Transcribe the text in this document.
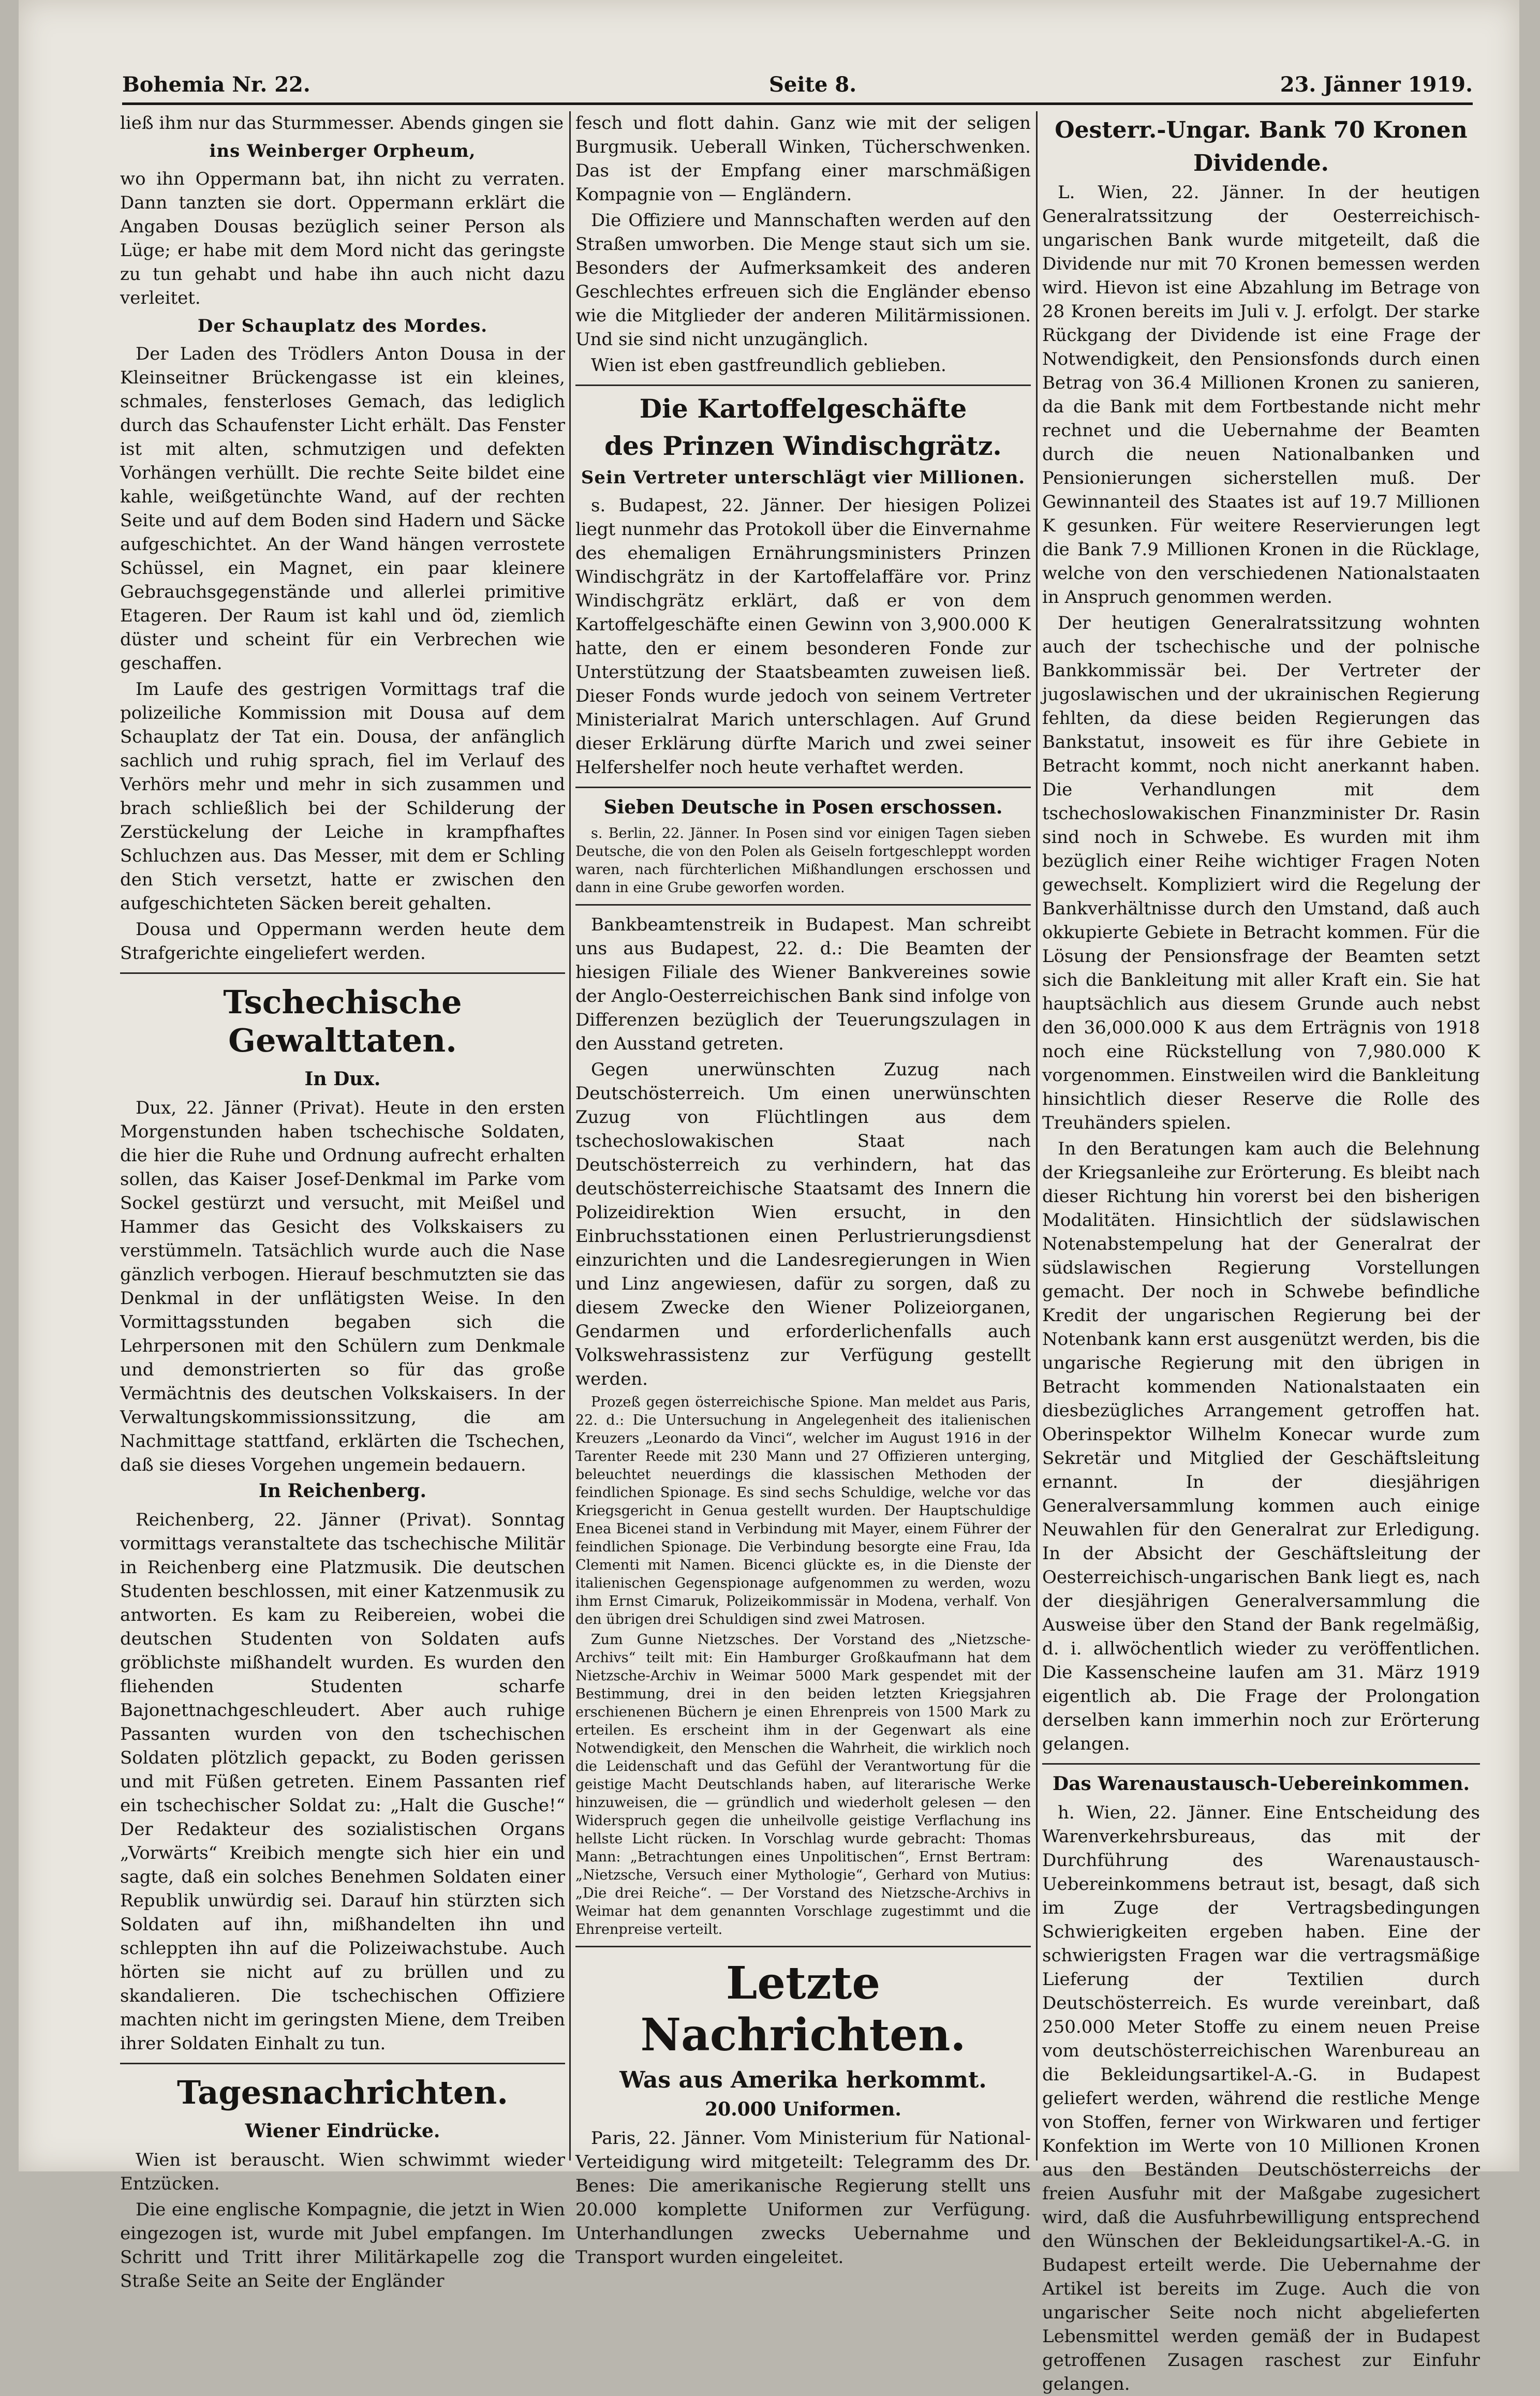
Bohemia Nr. 22.	Seite 8.	23. Jänner 1919.

ließ ihm nur das Sturmmesser. Abends gingen sie

ins Weinberger Orpheum,

wo ihn Oppermann bat, ihn nicht zu verraten. Dann tanzten sie dort. Oppermann erklärt die Angaben Dousas bezüglich seiner Person als Lüge; er habe mit dem Mord nicht das geringste zu tun gehabt und habe ihn auch nicht dazu verleitet.

Der Schauplatz des Mordes.

Der Laden des Trödlers Anton Dousa in der Kleinseitner Brückengasse ist ein kleines, schmales, fensterloses Gemach, das lediglich durch das Schaufenster Licht erhält. Das Fenster ist mit alten, schmutzigen und defekten Vorhängen verhüllt. Die rechte Seite bildet eine kahle, weißgetünchte Wand, auf der rechten Seite und auf dem Boden sind Hadern und Säcke aufgeschichtet. An der Wand hängen verrostete Schüssel, ein Magnet, ein paar kleinere Gebrauchsgegenstände und allerlei primitive Etageren. Der Raum ist kahl und öd, ziemlich düster und scheint für ein Verbrechen wie geschaffen.

Im Laufe des gestrigen Vormittags traf die polizeiliche Kommission mit Dousa auf dem Schauplatz der Tat ein. Dousa, der anfänglich sachlich und ruhig sprach, fiel im Verlauf des Verhörs mehr und mehr in sich zusammen und brach schließlich bei der Schilderung der Zerstückelung der Leiche in krampfhaftes Schluchzen aus. Das Messer, mit dem er Schling den Stich versetzt, hatte er zwischen den aufgeschichteten Säcken bereit gehalten.

Dousa und Oppermann werden heute dem Strafgerichte eingeliefert werden.

Tschechische Gewalttaten.
In Dux.

Dux, 22. Jänner (Privat). Heute in den ersten Morgenstunden haben tschechische Soldaten, die hier die Ruhe und Ordnung aufrecht erhalten sollen, das Kaiser Josef-Denkmal im Parke vom Sockel gestürzt und versucht, mit Meißel und Hammer das Gesicht des Volkskaisers zu verstümmeln. Tatsächlich wurde auch die Nase gänzlich verbogen. Hierauf beschmutzten sie das Denkmal in der unflätigsten Weise. In den Vormittagsstunden begaben sich die Lehrpersonen mit den Schülern zum Denkmale und demonstrierten so für das große Vermächtnis des deutschen Volkskaisers. In der Verwaltungskommissionssitzung, die am Nachmittage stattfand, erklärten die Tschechen, daß sie dieses Vorgehen ungemein bedauern.

In Reichenberg.

Reichenberg, 22. Jänner (Privat). Sonntag vormittags veranstaltete das tschechische Militär in Reichenberg eine Platzmusik. Die deutschen Studenten beschlossen, mit einer Katzenmusik zu antworten. Es kam zu Reibereien, wobei die deutschen Studenten von Soldaten aufs gröblichste mißhandelt wurden. Es wurden den fliehenden Studenten scharfe Bajonettnachgeschleudert. Aber auch ruhige Passanten wurden von den tschechischen Soldaten plötzlich gepackt, zu Boden gerissen und mit Füßen getreten. Einem Passanten rief ein tschechischer Soldat zu: „Halt die Gusche!“ Der Redakteur des sozialistischen Organs „Vorwärts“ Kreibich mengte sich hier ein und sagte, daß ein solches Benehmen Soldaten einer Republik unwürdig sei. Darauf hin stürzten sich Soldaten auf ihn, mißhandelten ihn und schleppten ihn auf die Polizeiwachstube. Auch hörten sie nicht auf zu brüllen und zu skandalieren. Die tschechischen Offiziere machten nicht im geringsten Miene, dem Treiben ihrer Soldaten Einhalt zu tun.

Tagesnachrichten.
Wiener Eindrücke.

Wien ist berauscht. Wien schwimmt wieder Entzücken.

Die eine englische Kompagnie, die jetzt in Wien eingezogen ist, wurde mit Jubel empfangen. Im Schritt und Tritt ihrer Militärkapelle zog die Straße Seite an Seite der Engländer

fesch und flott dahin. Ganz wie mit der seligen Burgmusik. Ueberall Winken, Tücherschwenken. Das ist der Empfang einer marschmäßigen Kompagnie von — Engländern.

Die Offiziere und Mannschaften werden auf den Straßen umworben. Die Menge staut sich um sie. Besonders der Aufmerksamkeit des anderen Geschlechtes erfreuen sich die Engländer ebenso wie die Mitglieder der anderen Militärmissionen. Und sie sind nicht unzugänglich.

Wien ist eben gastfreundlich geblieben.

Die Kartoffelgeschäfte
des Prinzen Windischgrätz.
Sein Vertreter unterschlägt vier Millionen.

s. Budapest, 22. Jänner. Der hiesigen Polizei liegt nunmehr das Protokoll über die Einvernahme des ehemaligen Ernährungsministers Prinzen Windischgrätz in der Kartoffelaffäre vor. Prinz Windischgrätz erklärt, daß er von dem Kartoffelgeschäfte einen Gewinn von 3,900.000 K hatte, den er einem besonderen Fonde zur Unterstützung der Staatsbeamten zuweisen ließ. Dieser Fonds wurde jedoch von seinem Vertreter Ministerialrat Marich unterschlagen. Auf Grund dieser Erklärung dürfte Marich und zwei seiner Helfershelfer noch heute verhaftet werden.

Sieben Deutsche in Posen erschossen.

s. Berlin, 22. Jänner. In Posen sind vor einigen Tagen sieben Deutsche, die von den Polen als Geiseln fortgeschleppt worden waren, nach fürchterlichen Mißhandlungen erschossen und dann in eine Grube geworfen worden.

Bankbeamtenstreik in Budapest. Man schreibt uns aus Budapest, 22. d.: Die Beamten der hiesigen Filiale des Wiener Bankvereines sowie der Anglo-Oesterreichischen Bank sind infolge von Differenzen bezüglich der Teuerungszulagen in den Ausstand getreten.

Gegen unerwünschten Zuzug nach Deutschösterreich. Um einen unerwünschten Zuzug von Flüchtlingen aus dem tschechoslowakischen Staat nach Deutschösterreich zu verhindern, hat das deutschösterreichische Staatsamt des Innern die Polizeidirektion Wien ersucht, in den Einbruchsstationen einen Perlustrierungsdienst einzurichten und die Landesregierungen in Wien und Linz angewiesen, dafür zu sorgen, daß zu diesem Zwecke den Wiener Polizeiorganen, Gendarmen und erforderlichenfalls auch Volkswehrassistenz zur Verfügung gestellt werden.

Prozeß gegen österreichische Spione. Man meldet aus Paris, 22. d.: Die Untersuchung in Angelegenheit des italienischen Kreuzers „Leonardo da Vinci“, welcher im August 1916 in der Tarenter Reede mit 230 Mann und 27 Offizieren unterging, beleuchtet neuerdings die klassischen Methoden der feindlichen Spionage. Es sind sechs Schuldige, welche vor das Kriegsgericht in Genua gestellt wurden. Der Hauptschuldige Enea Bicenei stand in Verbindung mit Mayer, einem Führer der feindlichen Spionage. Die Verbindung besorgte eine Frau, Ida Clementi mit Namen. Bicenci glückte es, in die Dienste der italienischen Gegenspionage aufgenommen zu werden, wozu ihm Ernst Cimaruk, Polizeikommissär in Modena, verhalf. Von den übrigen drei Schuldigen sind zwei Matrosen.

Zum Gunne Nietzsches. Der Vorstand des „Nietzsche-Archivs“ teilt mit: Ein Hamburger Großkaufmann hat dem Nietzsche-Archiv in Weimar 5000 Mark gespendet mit der Bestimmung, drei in den beiden letzten Kriegsjahren erschienenen Büchern je einen Ehrenpreis von 1500 Mark zu erteilen. Es erscheint ihm in der Gegenwart als eine Notwendigkeit, den Menschen die Wahrheit, die wirklich noch die Leidenschaft und das Gefühl der Verantwortung für die geistige Macht Deutschlands haben, auf literarische Werke hinzuweisen, die — gründlich und wiederholt gelesen — den Widerspruch gegen die unheilvolle geistige Verflachung ins hellste Licht rücken. In Vorschlag wurde gebracht: Thomas Mann: „Betrachtungen eines Unpolitischen“, Ernst Bertram: „Nietzsche, Versuch einer Mythologie“, Gerhard von Mutius: „Die drei Reiche“. — Der Vorstand des Nietzsche-Archivs in Weimar hat dem genannten Vorschlage zugestimmt und die Ehrenpreise verteilt.

Letzte Nachrichten.
Was aus Amerika herkommt.
20.000 Uniformen.

Paris, 22. Jänner. Vom Ministerium für National-Verteidigung wird mitgeteilt: Telegramm des Dr. Benes: Die amerikanische Regierung stellt uns 20.000 komplette Uniformen zur Verfügung. Unterhandlungen zwecks Uebernahme und Transport wurden eingeleitet.

Oesterr.-Ungar. Bank 70 Kronen
Dividende.

L. Wien, 22. Jänner. In der heutigen Generalratssitzung der Oesterreichisch-ungarischen Bank wurde mitgeteilt, daß die Dividende nur mit 70 Kronen bemessen werden wird. Hievon ist eine Abzahlung im Betrage von 28 Kronen bereits im Juli v. J. erfolgt. Der starke Rückgang der Dividende ist eine Frage der Notwendigkeit, den Pensionsfonds durch einen Betrag von 36.4 Millionen Kronen zu sanieren, da die Bank mit dem Fortbestande nicht mehr rechnet und die Uebernahme der Beamten durch die neuen Nationalbanken und Pensionierungen sicherstellen muß. Der Gewinnanteil des Staates ist auf 19.7 Millionen K gesunken. Für weitere Reservierungen legt die Bank 7.9 Millionen Kronen in die Rücklage, welche von den verschiedenen Nationalstaaten in Anspruch genommen werden.

Der heutigen Generalratssitzung wohnten auch der tschechische und der polnische Bankkommissär bei. Der Vertreter der jugoslawischen und der ukrainischen Regierung fehlten, da diese beiden Regierungen das Bankstatut, insoweit es für ihre Gebiete in Betracht kommt, noch nicht anerkannt haben. Die Verhandlungen mit dem tschechoslowakischen Finanzminister Dr. Rasin sind noch in Schwebe. Es wurden mit ihm bezüglich einer Reihe wichtiger Fragen Noten gewechselt. Kompliziert wird die Regelung der Bankverhältnisse durch den Umstand, daß auch okkupierte Gebiete in Betracht kommen. Für die Lösung der Pensionsfrage der Beamten setzt sich die Bankleitung mit aller Kraft ein. Sie hat hauptsächlich aus diesem Grunde auch nebst den 36,000.000 K aus dem Erträgnis von 1918 noch eine Rückstellung von 7,980.000 K vorgenommen. Einstweilen wird die Bankleitung hinsichtlich dieser Reserve die Rolle des Treuhänders spielen.

In den Beratungen kam auch die Belehnung der Kriegsanleihe zur Erörterung. Es bleibt nach dieser Richtung hin vorerst bei den bisherigen Modalitäten. Hinsichtlich der südslawischen Notenabstempelung hat der Generalrat der südslawischen Regierung Vorstellungen gemacht. Der noch in Schwebe befindliche Kredit der ungarischen Regierung bei der Notenbank kann erst ausgenützt werden, bis die ungarische Regierung mit den übrigen in Betracht kommenden Nationalstaaten ein diesbezügliches Arrangement getroffen hat. Oberinspektor Wilhelm Konecar wurde zum Sekretär und Mitglied der Geschäftsleitung ernannt. In der diesjährigen Generalversammlung kommen auch einige Neuwahlen für den Generalrat zur Erledigung. In der Absicht der Geschäftsleitung der Oesterreichisch-ungarischen Bank liegt es, nach der diesjährigen Generalversammlung die Ausweise über den Stand der Bank regelmäßig, d. i. allwöchentlich wieder zu veröffentlichen. Die Kassenscheine laufen am 31. März 1919 eigentlich ab. Die Frage der Prolongation derselben kann immerhin noch zur Erörterung gelangen.

Das Warenaustausch-Uebereinkommen.

h. Wien, 22. Jänner. Eine Entscheidung des Warenverkehrsbureaus, das mit der Durchführung des Warenaustausch-Uebereinkommens betraut ist, besagt, daß sich im Zuge der Vertragsbedingungen Schwierigkeiten ergeben haben. Eine der schwierigsten Fragen war die vertragsmäßige Lieferung der Textilien durch Deutschösterreich. Es wurde vereinbart, daß 250.000 Meter Stoffe zu einem neuen Preise vom deutschösterreichischen Warenbureau an die Bekleidungsartikel-A.-G. in Budapest geliefert werden, während die restliche Menge von Stoffen, ferner von Wirkwaren und fertiger Konfektion im Werte von 10 Millionen Kronen aus den Beständen Deutschösterreichs der freien Ausfuhr mit der Maßgabe zugesichert wird, daß die Ausfuhrbewilligung entsprechend den Wünschen der Bekleidungsartikel-A.-G. in Budapest erteilt werde. Die Uebernahme der Artikel ist bereits im Zuge. Auch die von ungarischer Seite noch nicht abgelieferten Lebensmittel werden gemäß der in Budapest getroffenen Zusagen raschest zur Einfuhr gelangen.
